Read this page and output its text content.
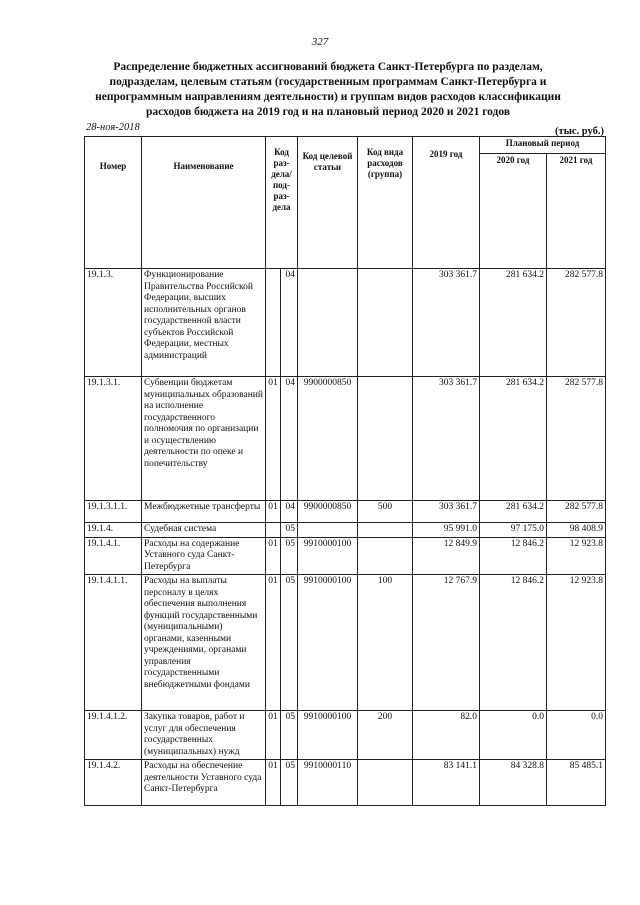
327
Распределение бюджетных ассигнований бюджета Санкт-Петербурга по разделам, подразделам, целевым статьям (государственным программам Санкт-Петербурга и непрограммным направлениям деятельности) и группам видов расходов классификации расходов бюджета на 2019 год и на плановый период 2020 и 2021 годов
28-ноя-2018	(тыс. руб.)
Номер	Наименование	Код раз-дела/ под-раз-дела		Код целевой статьи	Код вида расходов (группа)	2019 год	Плановый период	
							2020 год	2021 год
19.1.3.	Функционирование Правительства Российской Федерации, высших исполнительных органов государственной власти субъектов Российской Федерации, местных администраций		04			303 361.7	281 634.2	282 577.8
19.1.3.1.	Субвенции бюджетам муниципальных образований на исполнение государственного полномочия по организации и осуществлению деятельности по опеке и попечительству	01	04	9900000850		303 361.7	281 634.2	282 577.8
19.1.3.1.1.	Межбюджетные трансферты	01	04	9900000850	500	303 361.7	281 634.2	282 577.8
19.1.4.	Судебная система		05			95 991.0	97 175.0	98 408.9
19.1.4.1.	Расходы на содержание Уставного суда Санкт-Петербурга	01	05	9910000100		12 849.9	12 846.2	12 923.8
19.1.4.1.1.	Расходы на выплаты персоналу в целях обеспечения выполнения функций государственными (муниципальными) органами, казенными учреждениями, органами управления государственными внебюджетными фондами	01	05	9910000100	100	12 767.9	12 846.2	12 923.8
19.1.4.1.2.	Закупка товаров, работ и услуг для обеспечения государственных (муниципальных) нужд	01	05	9910000100	200	82.0	0.0	0.0
19.1.4.2.	Расходы на обеспечение деятельности Уставного суда Санкт-Петербурга	01	05	9910000110		83 141.1	84 328.8	85 485.1
